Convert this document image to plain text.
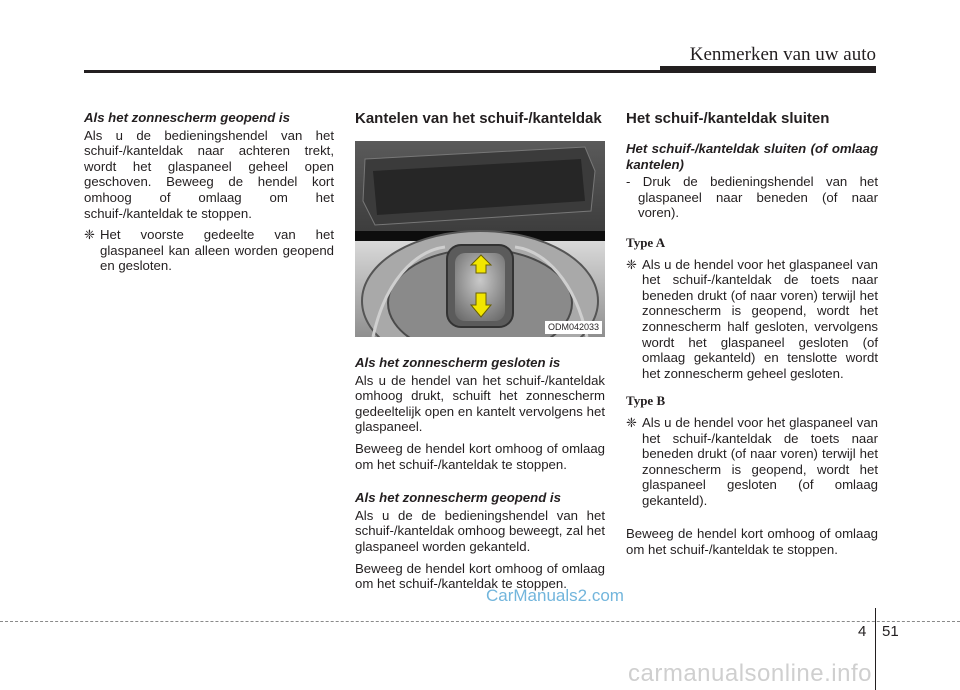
Kenmerken van uw auto

Als het zonnescherm geopend is

Als u de bedieningshendel van het schuif-/kanteldak naar achteren trekt, wordt het glaspaneel geheel open geschoven. Beweeg de hendel kort omhoog of omlaag om het schuif-/kanteldak te stoppen.

❈ Het voorste gedeelte van het glaspaneel kan alleen worden geopend en gesloten.

Kantelen van het schuif-/kanteldak
ODM042033

Als het zonnescherm gesloten is

Als u de hendel van het schuif-/kanteldak omhoog drukt, schuift het zonnescherm gedeeltelijk open en kantelt vervolgens het glaspaneel.

Beweeg de hendel kort omhoog of omlaag om het schuif-/kanteldak te stoppen.

Als het zonnescherm geopend is

Als u de de bedieningshendel van het schuif-/kanteldak omhoog beweegt, zal het glaspaneel worden gekanteld.

Beweeg de hendel kort omhoog of omlaag om het schuif-/kanteldak te stoppen.

Het schuif-/kanteldak sluiten

Het schuif-/kanteldak sluiten (of omlaag kantelen)

- Druk de bedieningshendel van het glaspaneel naar beneden (of naar voren).

Type A

❈ Als u de hendel voor het glaspaneel van het schuif-/kanteldak de toets naar beneden drukt (of naar voren) terwijl het zonnescherm is geopend, wordt het zonnescherm half gesloten, vervolgens wordt het glaspaneel gesloten (of omlaag gekanteld) en tenslotte wordt het zonnescherm geheel gesloten.

Type B

❈ Als u de hendel voor het glaspaneel van het schuif-/kanteldak de toets naar beneden drukt (of naar voren) terwijl het zonnescherm is geopend, wordt het glaspaneel gesloten (of omlaag gekanteld).

Beweeg de hendel kort omhoog of omlaag om het schuif-/kanteldak te stoppen.

CarManuals2.com
4 51
carmanualsonline.info
